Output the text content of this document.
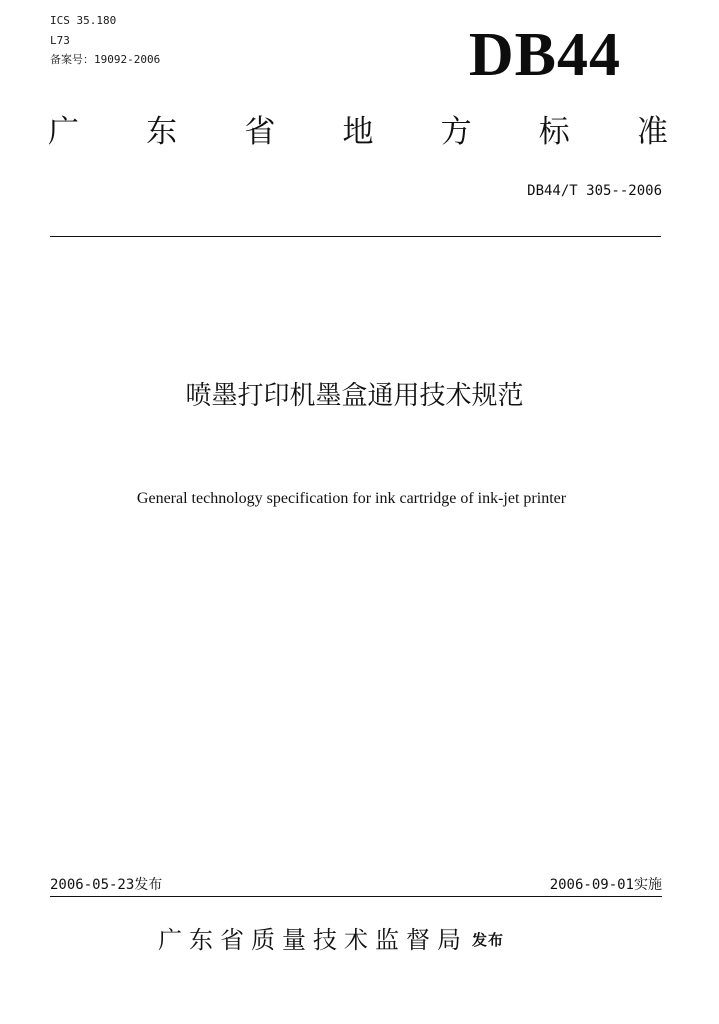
ICS 35.180
L73
备案号：19092-2006	DB44
广 东 省 地 方 标 准
DB44/T 305--2006
喷墨打印机墨盒通用技术规范
General technology specification for ink cartridge of ink-jet printer
2006-05-23发布	2006-09-01实施
广东省质量技术监督局 发布
